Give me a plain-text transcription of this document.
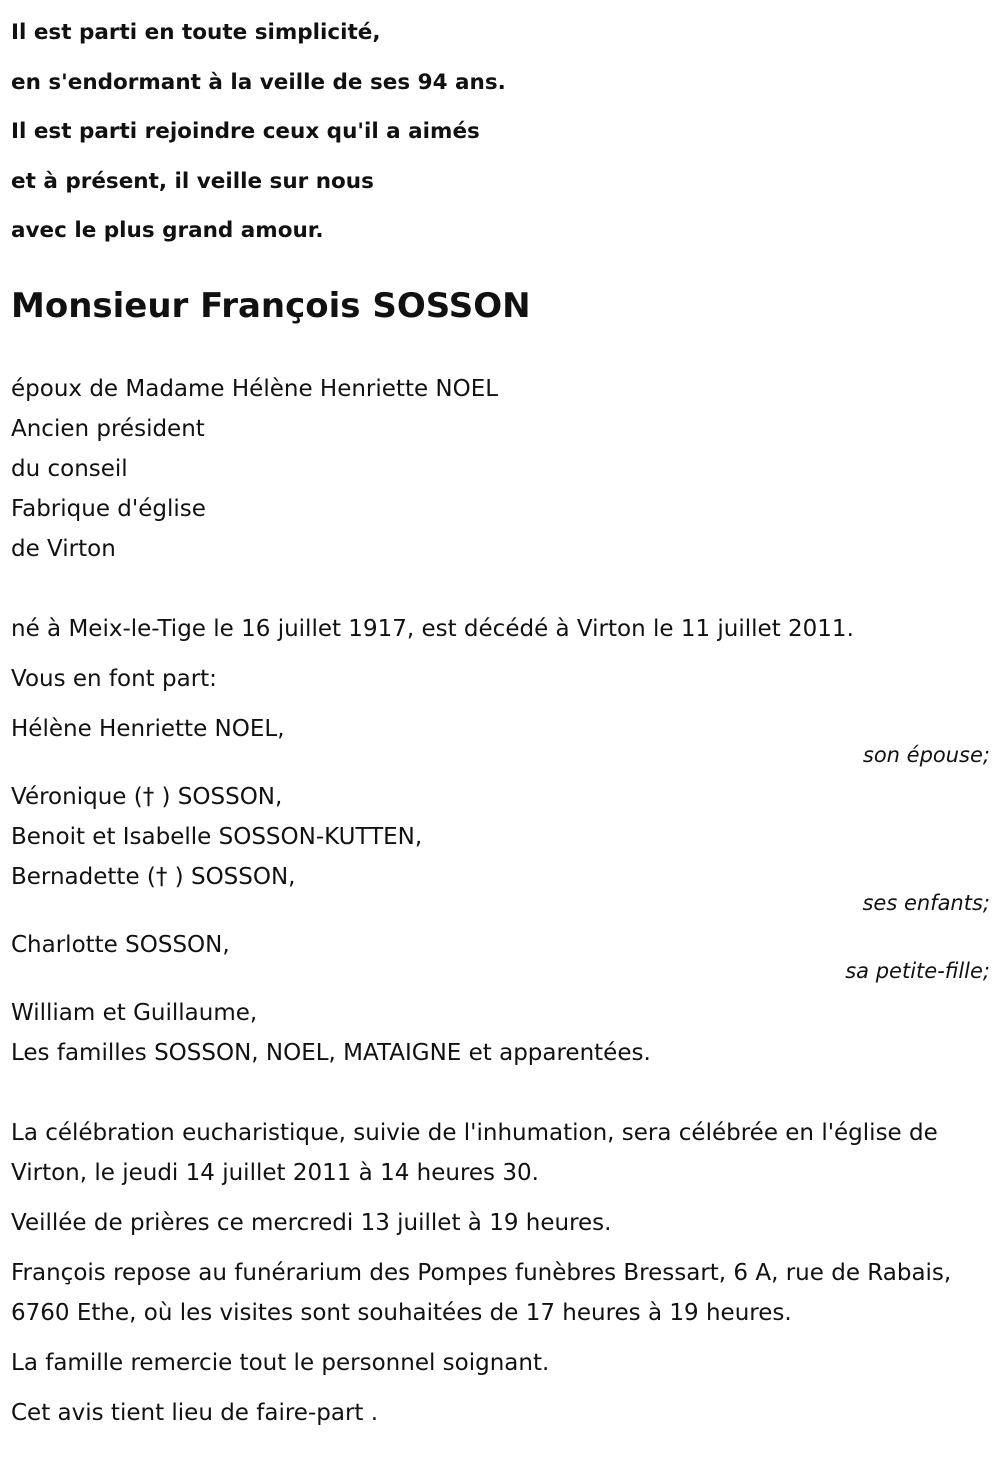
Il est parti en toute simplicité,
en s'endormant à la veille de ses 94 ans.
Il est parti rejoindre ceux qu'il a aimés
et à présent, il veille sur nous
avec le plus grand amour.
Monsieur François SOSSON
époux de Madame Hélène Henriette NOEL
Ancien président
du conseil
Fabrique d'église
de Virton
né à Meix-le-Tige le 16 juillet 1917, est décédé à Virton le 11 juillet 2011.
Vous en font part:
Hélène Henriette NOEL,
son épouse;
Véronique († ) SOSSON,
Benoit et Isabelle SOSSON-KUTTEN,
Bernadette († ) SOSSON,
ses enfants;
Charlotte SOSSON,
sa petite-fille;
William et Guillaume,
Les familles SOSSON, NOEL, MATAIGNE et apparentées.
La célébration eucharistique, suivie de l'inhumation, sera célébrée en l'église de Virton, le jeudi 14 juillet 2011 à 14 heures 30.
Veillée de prières ce mercredi 13 juillet à 19 heures.
François repose au funérarium des Pompes funèbres Bressart, 6 A, rue de Rabais, 6760 Ethe, où les visites sont souhaitées de 17 heures à 19 heures.
La famille remercie tout le personnel soignant.
Cet avis tient lieu de faire-part .
